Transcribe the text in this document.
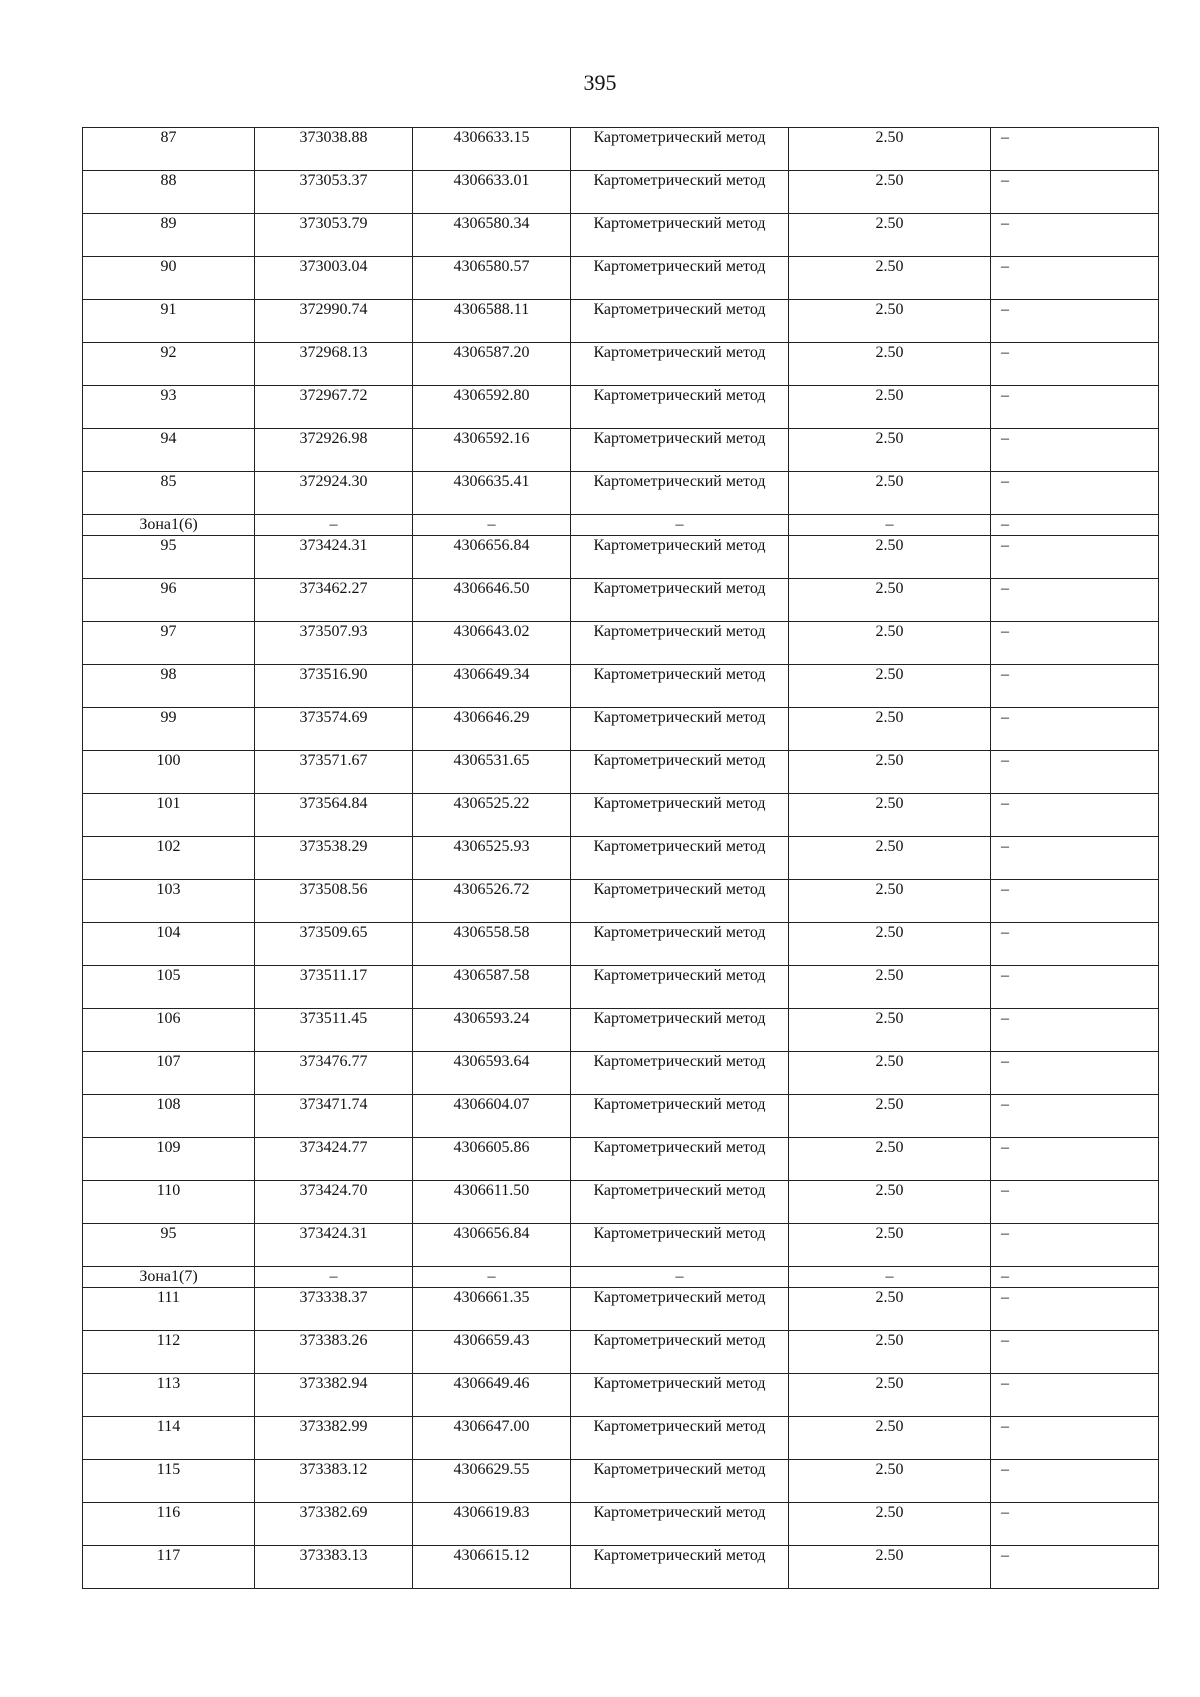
395
87	373038.88	4306633.15	Картометрический метод	2.50	–
88	373053.37	4306633.01	Картометрический метод	2.50	–
89	373053.79	4306580.34	Картометрический метод	2.50	–
90	373003.04	4306580.57	Картометрический метод	2.50	–
91	372990.74	4306588.11	Картометрический метод	2.50	–
92	372968.13	4306587.20	Картометрический метод	2.50	–
93	372967.72	4306592.80	Картометрический метод	2.50	–
94	372926.98	4306592.16	Картометрический метод	2.50	–
85	372924.30	4306635.41	Картометрический метод	2.50	–
Зона1(6)	–	–	–	–	–
95	373424.31	4306656.84	Картометрический метод	2.50	–
96	373462.27	4306646.50	Картометрический метод	2.50	–
97	373507.93	4306643.02	Картометрический метод	2.50	–
98	373516.90	4306649.34	Картометрический метод	2.50	–
99	373574.69	4306646.29	Картометрический метод	2.50	–
100	373571.67	4306531.65	Картометрический метод	2.50	–
101	373564.84	4306525.22	Картометрический метод	2.50	–
102	373538.29	4306525.93	Картометрический метод	2.50	–
103	373508.56	4306526.72	Картометрический метод	2.50	–
104	373509.65	4306558.58	Картометрический метод	2.50	–
105	373511.17	4306587.58	Картометрический метод	2.50	–
106	373511.45	4306593.24	Картометрический метод	2.50	–
107	373476.77	4306593.64	Картометрический метод	2.50	–
108	373471.74	4306604.07	Картометрический метод	2.50	–
109	373424.77	4306605.86	Картометрический метод	2.50	–
110	373424.70	4306611.50	Картометрический метод	2.50	–
95	373424.31	4306656.84	Картометрический метод	2.50	–
Зона1(7)	–	–	–	–	–
111	373338.37	4306661.35	Картометрический метод	2.50	–
112	373383.26	4306659.43	Картометрический метод	2.50	–
113	373382.94	4306649.46	Картометрический метод	2.50	–
114	373382.99	4306647.00	Картометрический метод	2.50	–
115	373383.12	4306629.55	Картометрический метод	2.50	–
116	373382.69	4306619.83	Картометрический метод	2.50	–
117	373383.13	4306615.12	Картометрический метод	2.50	–
